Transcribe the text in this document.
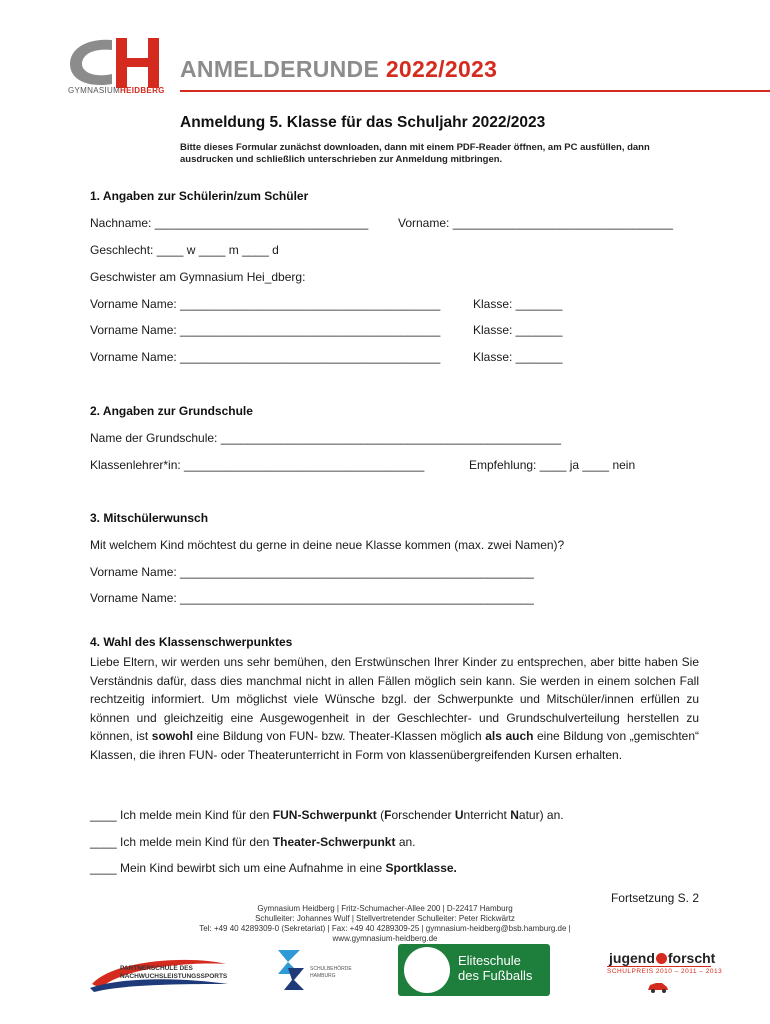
GYMNASIUMHEIDBERG
ANMELDERUNDE 2022/2023
Anmeldung 5. Klasse für das Schuljahr 2022/2023
Bitte dieses Formular zunächst downloaden, dann mit einem PDF-Reader öffnen, am PC ausfüllen, dann ausdrucken und schließlich unterschrieben zur Anmeldung mitbringen.
1. Angaben zur Schülerin/zum Schüler
Nachname: ________________________________ Vorname: _________________________________
Geschlecht: ____ w ____ m ____ d
Geschwister am Gymnasium Hei_dberg:
Vorname Name: _______________________________________	Klasse: _______
Vorname Name: _______________________________________	Klasse: _______
Vorname Name: _______________________________________	Klasse: _______
2. Angaben zur Grundschule
Name der Grundschule: ___________________________________________________
Klassenlehrer*in: ____________________________________	Empfehlung: ____ ja ____ nein
3. Mitschülerwunsch
Mit welchem Kind möchtest du gerne in deine neue Klasse kommen (max. zwei Namen)?
Vorname Name: _____________________________________________________
Vorname Name: _____________________________________________________
4. Wahl des Klassenschwerpunktes
Liebe Eltern, wir werden uns sehr bemühen, den Erstwünschen Ihrer Kinder zu entsprechen, aber bitte haben Sie Verständnis dafür, dass dies manchmal nicht in allen Fällen möglich sein kann. Sie werden in einem solchen Fall rechtzeitig informiert. Um möglichst viele Wünsche bzgl. der Schwerpunkte und Mitschüler/innen erfüllen zu können und gleichzeitig eine Ausgewogenheit in der Geschlechter- und Grundschulverteilung herstellen zu können, ist sowohl eine Bildung von FUN- bzw. Theater-Klassen möglich als auch eine Bildung von „gemischten“ Klassen, die ihren FUN- oder Theaterunterricht in Form von klassenübergreifenden Kursen erhalten.
____ Ich melde mein Kind für den FUN-Schwerpunkt (Forschender Unterricht Natur) an.
____ Ich melde mein Kind für den Theater-Schwerpunkt an.
____ Mein Kind bewirbt sich um eine Aufnahme in eine Sportklasse.
Fortsetzung S. 2
Gymnasium Heidberg | Fritz-Schumacher-Allee 200 | D-22417 Hamburg
Schulleiter: Johannes Wulf | Stellvertretender Schulleiter: Peter Rickwärtz
Tel: +49 40 4289309-0 (Sekretariat) | Fax: +49 40 4289309-25 | gymnasium-heidberg@bsb.hamburg.de |
www.gymnasium-heidberg.de
PARTNERSCHULE DES
NACHWUCHSLEISTUNGSSPORTS
SCHULBEHÖRDE
HAMBURG
Eliteschule
des Fußballs
jugend forscht
SCHULPREIS 2010 – 2011 – 2013
